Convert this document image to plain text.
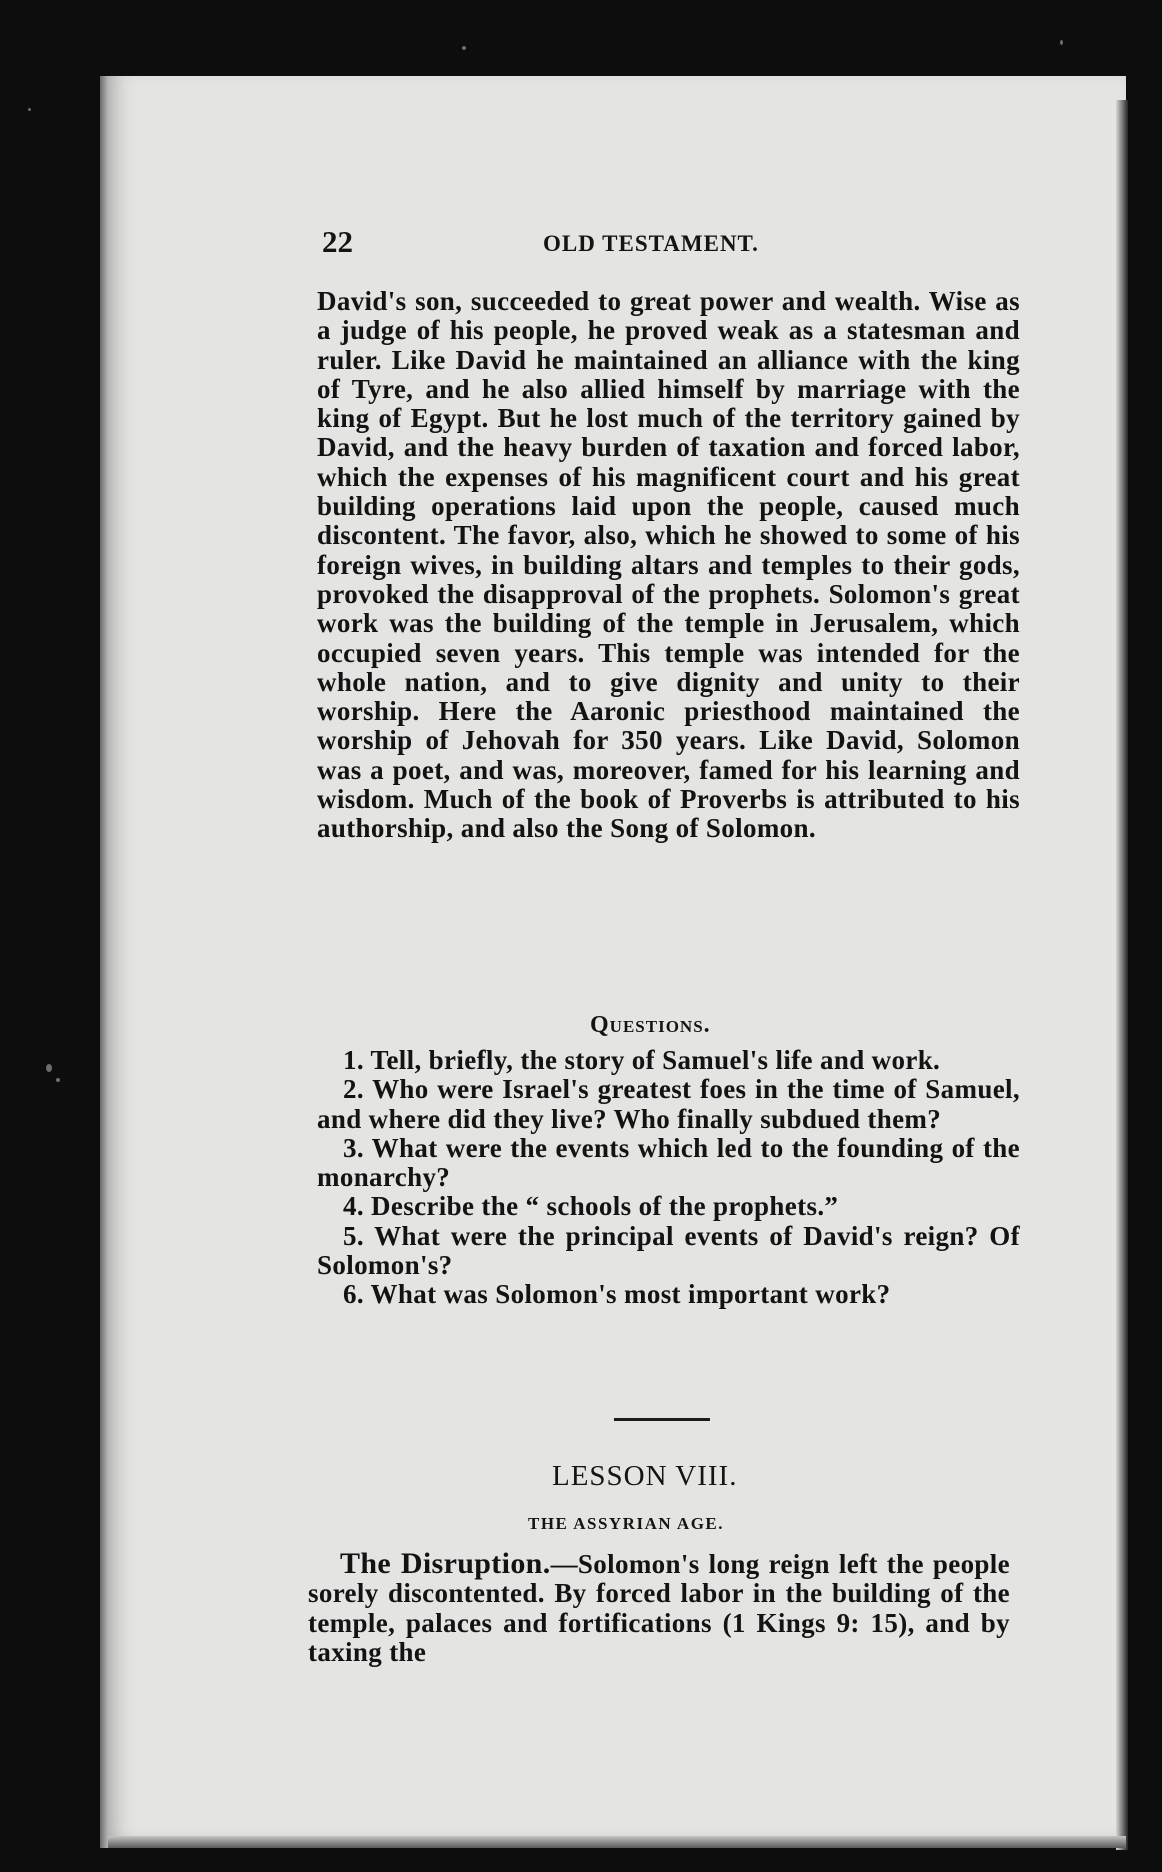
22	OLD TESTAMENT.

David's son, succeeded to great power and wealth. Wise as a judge of his people, he proved weak as a statesman and ruler. Like David he maintained an alliance with the king of Tyre, and he also allied himself by marriage with the king of Egypt. But he lost much of the territory gained by David, and the heavy burden of taxation and forced labor, which the expenses of his magnificent court and his great building operations laid upon the people, caused much discontent. The favor, also, which he showed to some of his foreign wives, in building altars and temples to their gods, provoked the disapproval of the prophets. Solomon's great work was the building of the temple in Jerusalem, which occupied seven years. This temple was intended for the whole nation, and to give dignity and unity to their worship. Here the Aaronic priesthood maintained the worship of Jehovah for 350 years. Like David, Solomon was a poet, and was, moreover, famed for his learning and wisdom. Much of the book of Proverbs is attributed to his authorship, and also the Song of Solomon.

Questions.

1. Tell, briefly, the story of Samuel's life and work.

2. Who were Israel's greatest foes in the time of Samuel, and where did they live? Who finally subdued them?

3. What were the events which led to the founding of the monarchy?

4. Describe the “ schools of the prophets.”

5. What were the principal events of David's reign? Of Solomon's?

6. What was Solomon's most important work?

LESSON VIII.
THE ASSYRIAN AGE.

The Disruption.—Solomon's long reign left the people sorely discontented. By forced labor in the building of the temple, palaces and fortifications (1 Kings 9: 15), and by taxing the
